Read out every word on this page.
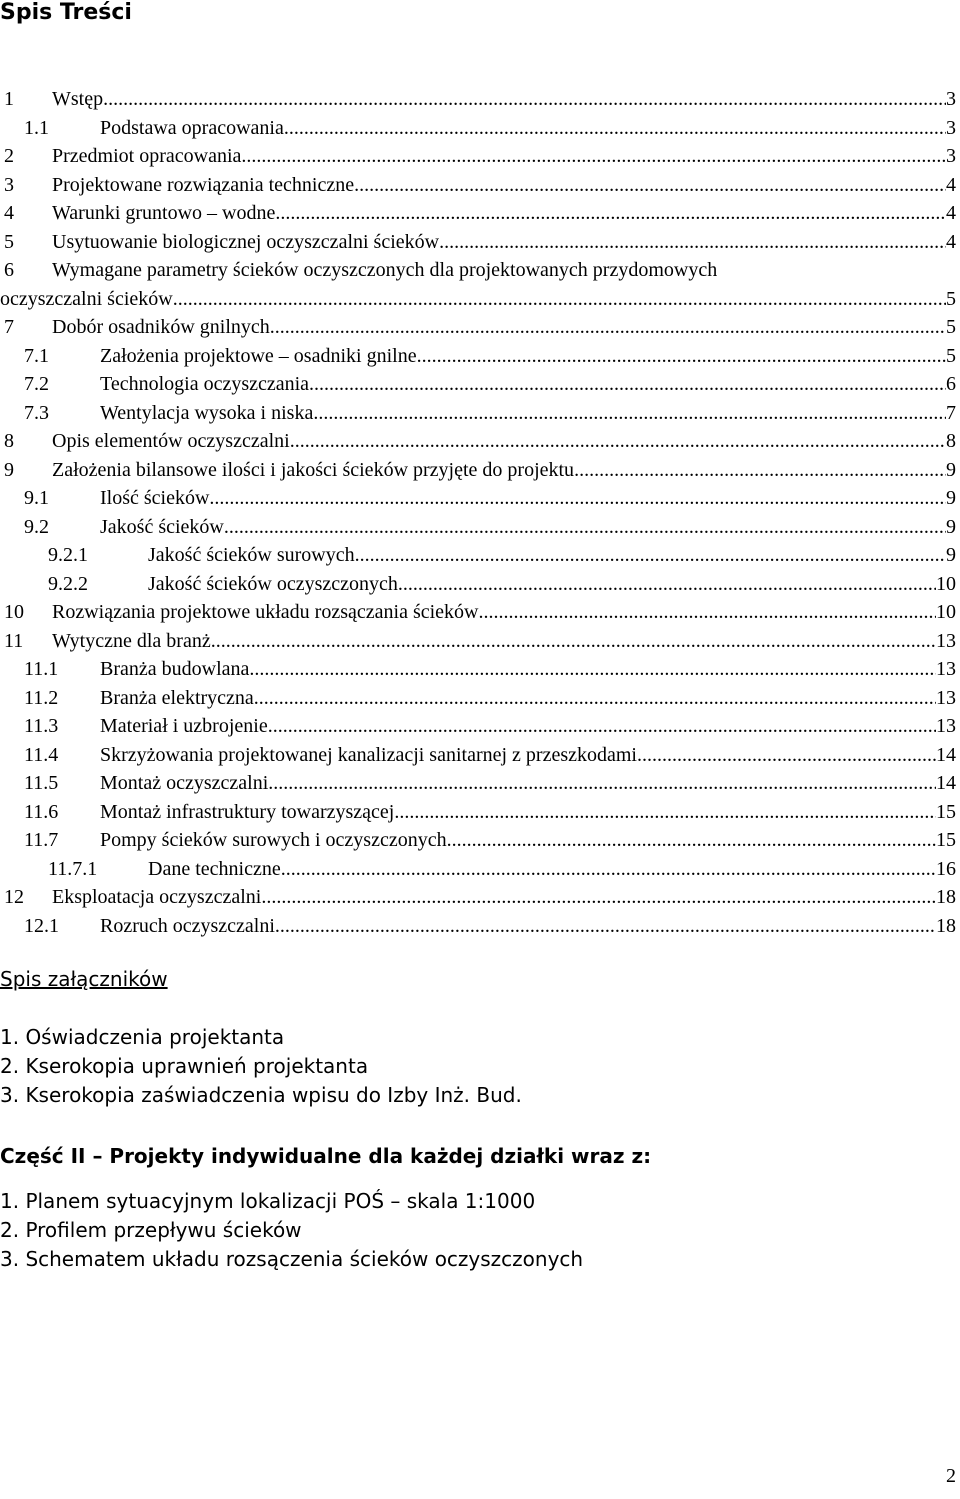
Spis Treści
1 Wstęp .....	3
1.1	Podstawa opracowania .....	3
2 Przedmiot opracowania .....	3
3 Projektowane rozwiązania techniczne .....	4
4 Warunki gruntowo – wodne .....	4
5 Usytuowanie biologicznej oczyszczalni ścieków .....	4
6 Wymagane parametry ścieków oczyszczonych dla projektowanych przydomowych
oczyszczalni ścieków .....	5
7 Dobór osadników gnilnych .....	5
7.1	Założenia projektowe – osadniki gnilne .....	5
7.2	Technologia oczyszczania .....	6
7.3	Wentylacja wysoka i niska .....	7
8 Opis elementów oczyszczalni .....	8
9 Założenia bilansowe ilości i jakości ścieków przyjęte do projektu .....	9
9.1	Ilość ścieków .....	9
9.2	Jakość ścieków .....	9
9.2.1	Jakość ścieków surowych .....	9
9.2.2	Jakość ścieków oczyszczonych .....	10
10 Rozwiązania projektowe układu rozsączania ścieków .....	10
11 Wytyczne dla branż .....	13
11.1 Branża budowlana .....	13
11.2 Branża elektryczna .....	13
11.3 Materiał i uzbrojenie .....	13
11.4 Skrzyżowania projektowanej kanalizacji sanitarnej z przeszkodami .....	14
11.5 Montaż oczyszczalni .....	14
11.6 Montaż infrastruktury towarzyszącej .....	15
11.7 Pompy ścieków surowych i oczyszczonych .....	15
11.7.1	Dane techniczne .....	16
12 Eksploatacja oczyszczalni .....	18
12.1 Rozruch oczyszczalni .....	18
Spis załączników
1. Oświadczenia projektanta
2. Kserokopia uprawnień projektanta
3. Kserokopia zaświadczenia wpisu do Izby Inż. Bud.
Część II – Projekty indywidualne dla każdej działki wraz z:
1. Planem sytuacyjnym lokalizacji POŚ – skala 1:1000
2. Profilem przepływu ścieków
3. Schematem układu rozsączenia ścieków oczyszczonych
2
